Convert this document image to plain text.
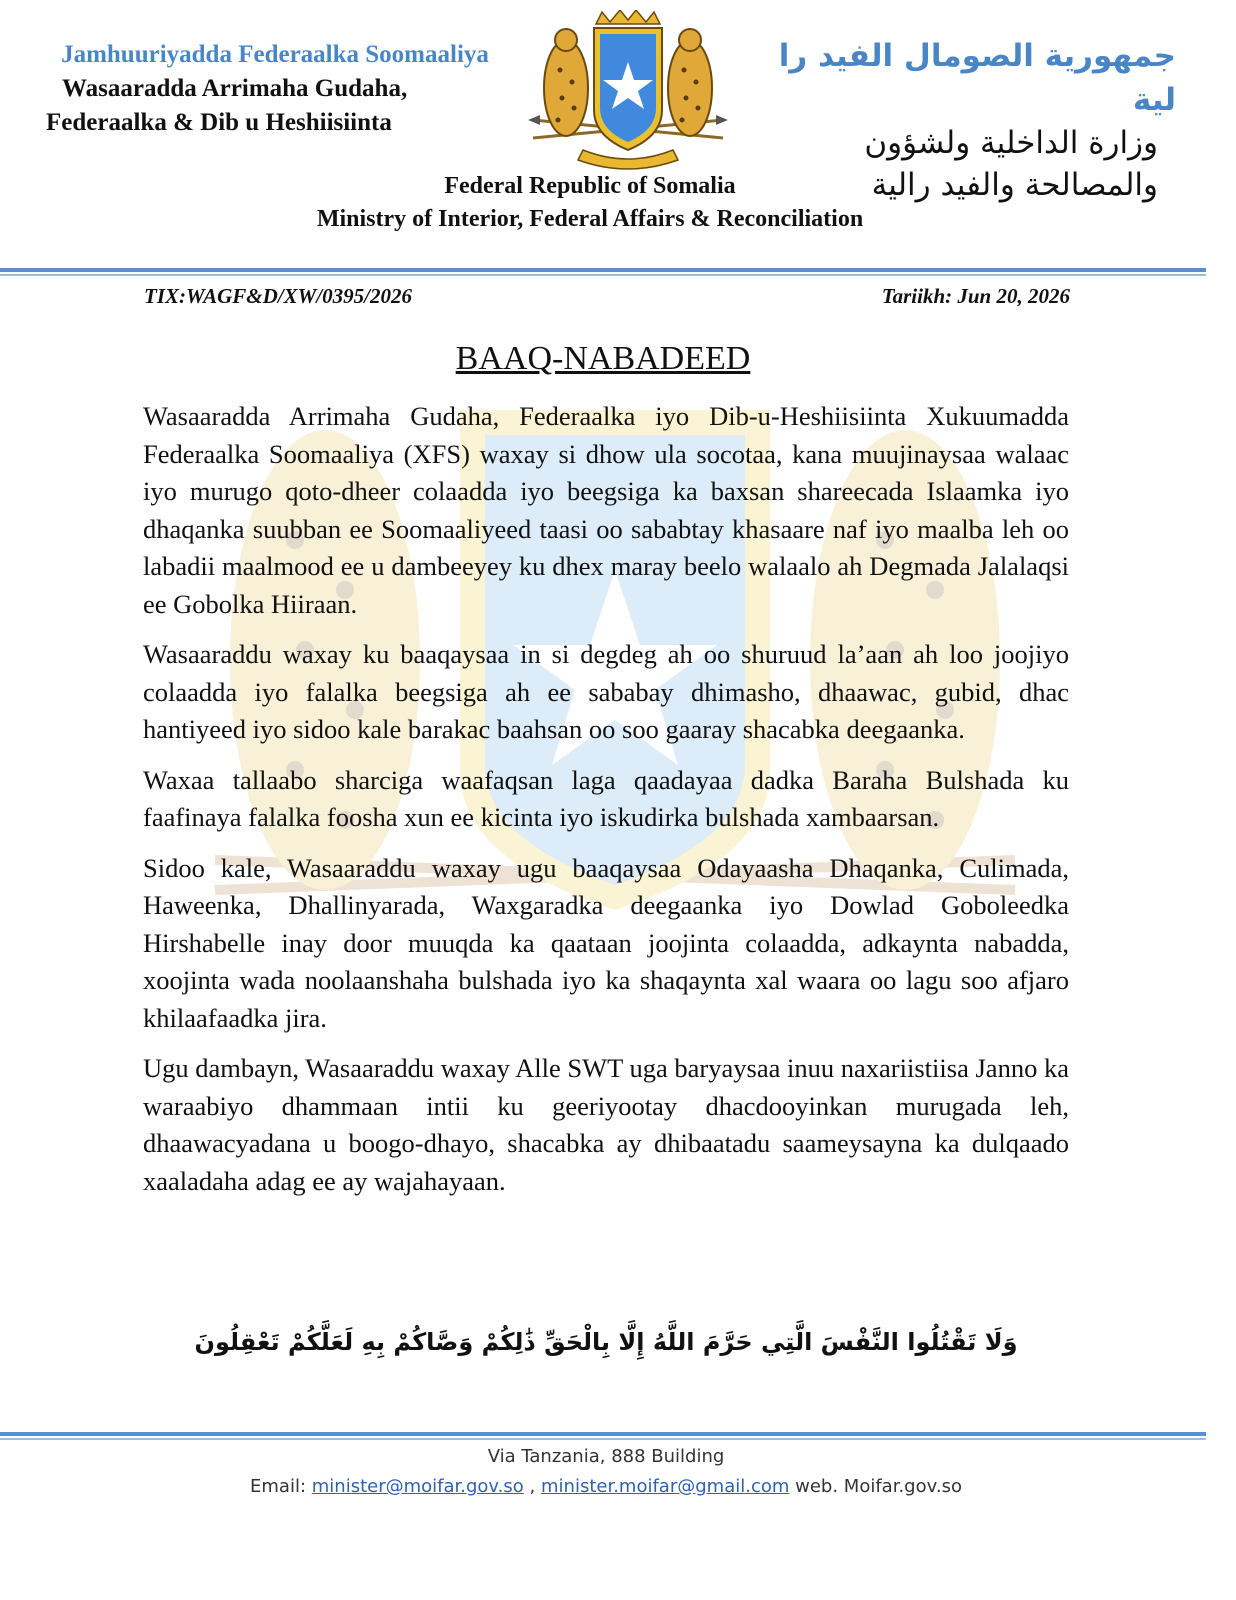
Jamhuuriyadda Federaalka Soomaaliya
Wasaaradda Arrimaha Gudaha,
Federaalka & Dib u Heshiisiinta
جمهورية الصومال الفيد را لية
وزارة الداخلية ولشؤون
والمصالحة والفيد رالية
Federal Republic of Somalia
Ministry of Interior, Federal Affairs & Reconciliation
TIX:WAGF&D/XW/0395/2026	Tariikh: Jun 20, 2026
BAAQ-NABADEED

Wasaaradda Arrimaha Gudaha, Federaalka iyo Dib-u-Heshiisiinta Xukuumadda Federaalka Soomaaliya (XFS) waxay si dhow ula socotaa, kana muujinaysaa walaac iyo murugo qoto-dheer colaadda iyo beegsiga ka baxsan shareecada Islaamka iyo dhaqanka suubban ee Soomaaliyeed taasi oo sababtay khasaare naf iyo maalba leh oo labadii maalmood ee u dambeeyey ku dhex maray beelo walaalo ah Degmada Jalalaqsi ee Gobolka Hiiraan.

Wasaaraddu waxay ku baaqaysaa in si degdeg ah oo shuruud la’aan ah loo joojiyo colaadda iyo falalka beegsiga ah ee sababay dhimasho, dhaawac, gubid, dhac hantiyeed iyo sidoo kale barakac baahsan oo soo gaaray shacabka deegaanka.

Waxaa tallaabo sharciga waafaqsan laga qaadayaa dadka Baraha Bulshada ku faafinaya falalka foosha xun ee kicinta iyo iskudirka bulshada xambaarsan.

Sidoo kale, Wasaaraddu waxay ugu baaqaysaa Odayaasha Dhaqanka, Culimada, Haweenka, Dhallinyarada, Waxgaradka deegaanka iyo Dowlad Goboleedka Hirshabelle inay door muuqda ka qaataan joojinta colaadda, adkaynta nabadda, xoojinta wada noolaanshaha bulshada iyo ka shaqaynta xal waara oo lagu soo afjaro khilaafaadka jira.

Ugu dambayn, Wasaaraddu waxay Alle SWT uga baryaysaa inuu naxariistiisa Janno ka waraabiyo dhammaan intii ku geeriyootay dhacdooyinkan murugada leh, dhaawacyadana u boogo-dhayo, shacabka ay dhibaatadu saameysayna ka dulqaado xaaladaha adag ee ay wajahayaan.

وَلَا تَقْتُلُوا النَّفْسَ الَّتِي حَرَّمَ اللَّهُ إِلَّا بِالْحَقِّ ذَٰلِكُمْ وَصَّاكُمْ بِهِ لَعَلَّكُمْ تَعْقِلُونَ
Via Tanzania, 888 Building
Email: minister@moifar.gov.so , minister.moifar@gmail.com web. Moifar.gov.so
